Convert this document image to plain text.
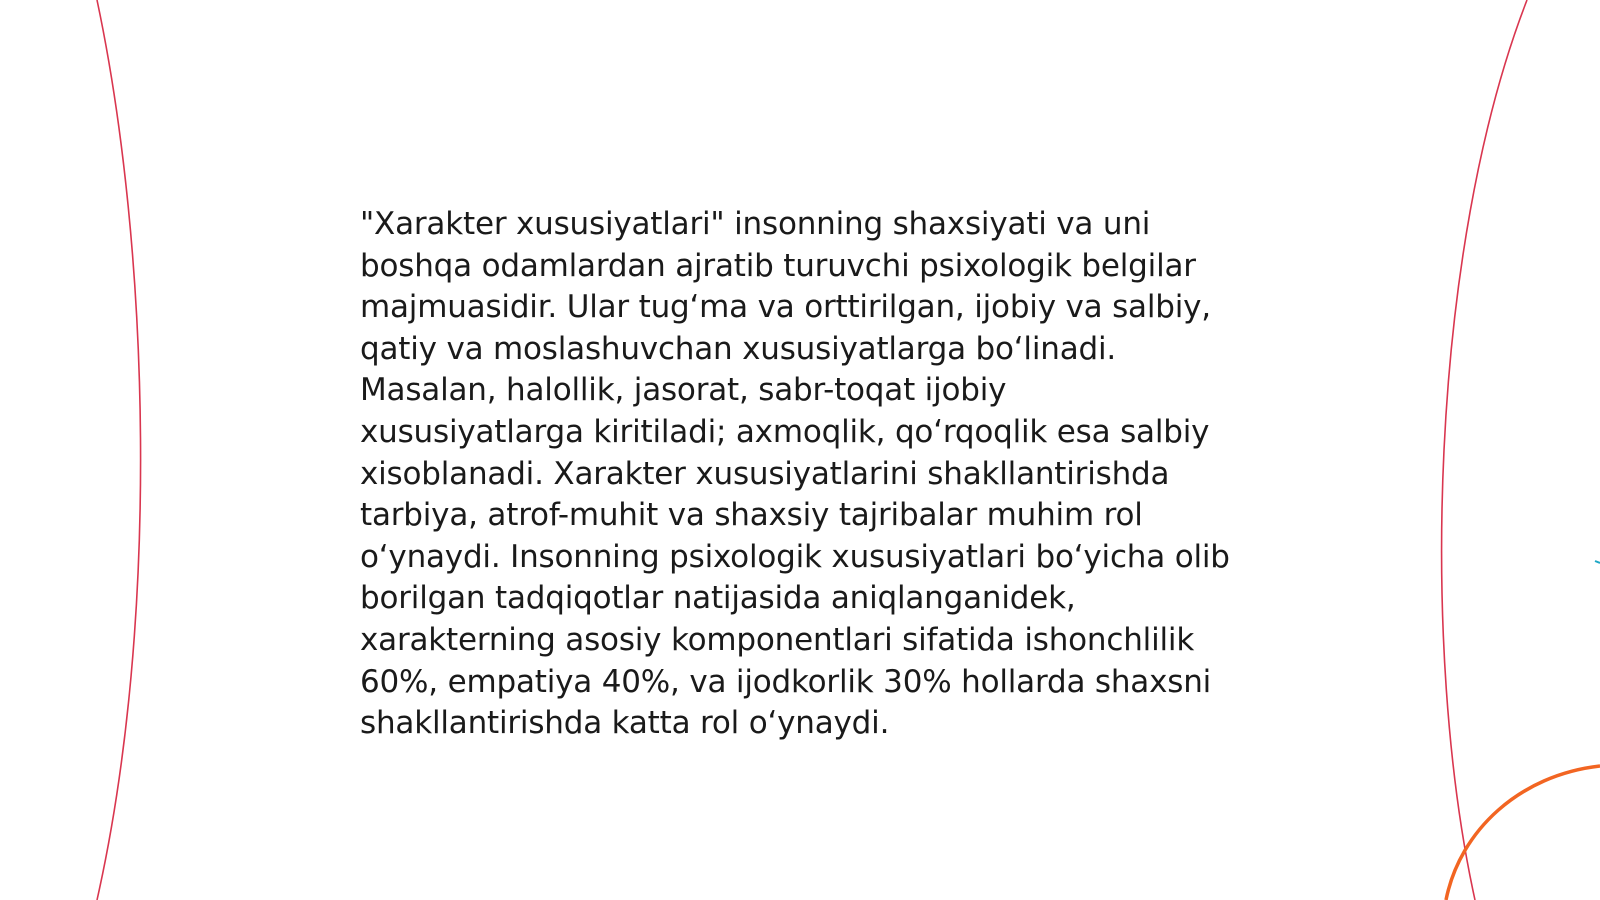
"Xarakter xususiyatlari" insonning shaxsiyati va uni boshqa odamlardan ajratib turuvchi psixologik belgilar majmuasidir. Ular tugʻma va orttirilgan, ijobiy va salbiy, qatiy va moslashuvchan xususiyatlarga boʻlinadi. Masalan, halollik, jasorat, sabr-toqat ijobiy xususiyatlarga kiritiladi; axmoqlik, qoʻrqoqlik esa salbiy xisoblanadi. Xarakter xususiyatlarini shakllantirishda tarbiya, atrof-muhit va shaxsiy tajribalar muhim rol oʻynaydi. Insonning psixologik xususiyatlari boʻyicha olib borilgan tadqiqotlar natijasida aniqlanganidek, xarakterning asosiy komponentlari sifatida ishonchlilik 60%, empatiya 40%, va ijodkorlik 30% hollarda shaxsni shakllantirishda katta rol oʻynaydi.
